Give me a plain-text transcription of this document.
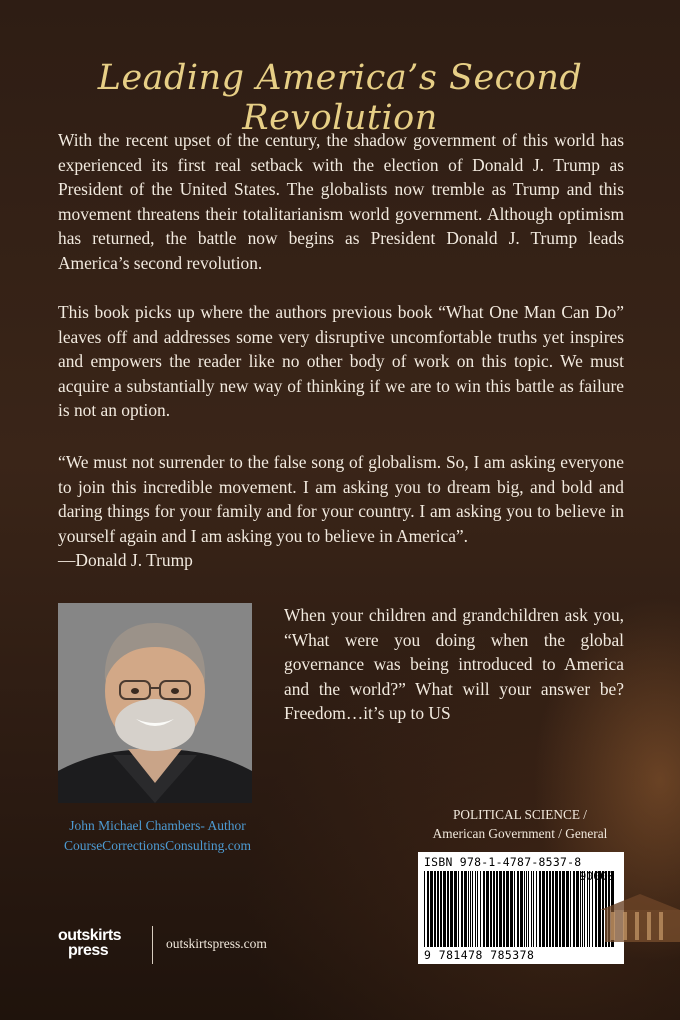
Leading America’s Second Revolution

With the recent upset of the century, the shadow government of this world has experienced its first real setback with the election of Donald J. Trump as President of the United States. The globalists now tremble as Trump and this movement threatens their totalitarianism world government. Although optimism has returned, the battle now begins as President Donald J. Trump leads America’s second revolution.

This book picks up where the authors previous book “What One Man Can Do” leaves off and addresses some very disruptive uncomfortable truths yet inspires and empowers the reader like no other body of work on this topic. We must acquire a substantially new way of thinking if we are to win this battle as failure is not an option.

“We must not surrender to the false song of globalism. So, I am asking everyone to join this incredible movement. I am asking you to dream big, and bold and daring things for your family and for your country. I am asking you to believe in yourself again and I am asking you to believe in America”.
—Donald J. Trump
John Michael Chambers- Author
CourseCorrectionsConsulting.com

When your children and grandchildren ask you, “What were you doing when the global governance was being introduced to America and the world?” What will your answer be? Freedom…it’s up to US

POLITICAL SCIENCE /
American Government / General
ISBN 978-1-4787-8537-8
9 781478 785378
outskirts
press	outskirtspress.com
